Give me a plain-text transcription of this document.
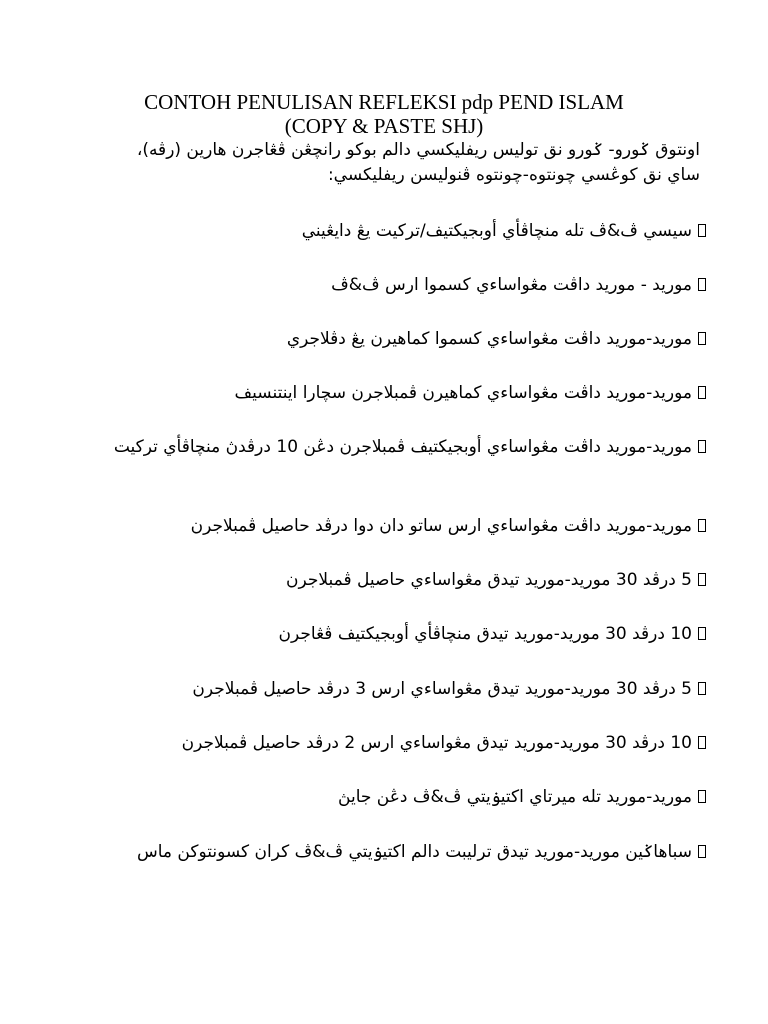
CONTOH PENULISAN REFLEKSI pdp PEND ISLAM
(COPY & PASTE SHJ)
اونتوق ݢورو- ݢورو نق توليس ريفليكسي دالم بوکو رانچڠن ڤڠاجرن هارين (رڤه)، ساي نق کوڠسي چونتوه-چونتوه ڤنوليسن ريفليکسي:
سيسي ڤ&ڤ تله منچاڤأي أوبجيكتيف/تركيت يڠ دايڠيني
موريد - موريد داڤت مڠواساءي كسموا ارس ڤ&ڤ
موريد-موريد داڤت مڠواساءي كسموا كماهيرن يڠ دڤلاجري
موريد-موريد داڤت مڠواساءي كماهيرن ڤمبلاجرن سچارا اينتنسيف
موريد-موريد داڤت مڠواساءي أوبجيكتيف ڤمبلاجرن دڠن 10 درڤدڽ منچاڤأي تركيت
موريد-موريد داڤت مڠواساءي ارس ساتو دان دوا درڤد حاصيل ڤمبلاجرن
5 درڤد 30 موريد-موريد تيدق مڠواساءي حاصيل ڤمبلاجرن
10 درڤد 30 موريد-موريد تيدق منچاڤأي أوبجيكتيف ڤڠاجرن
5 درڤد 30 موريد-موريد تيدق مڠواساءي ارس 3 درڤد حاصيل ڤمبلاجرن
10 درڤد 30 موريد-موريد تيدق مڠواساءي ارس 2 درڤد حاصيل ڤمبلاجرن
موريد-موريد تله ميرتاي اكتيۏيتي ڤ&ڤ دڠن جايڽ
سباهاݢين موريد-موريد تيدق ترليبت دالم اكتيۏيتي ڤ&ڤ كران كسونتوكن ماس
